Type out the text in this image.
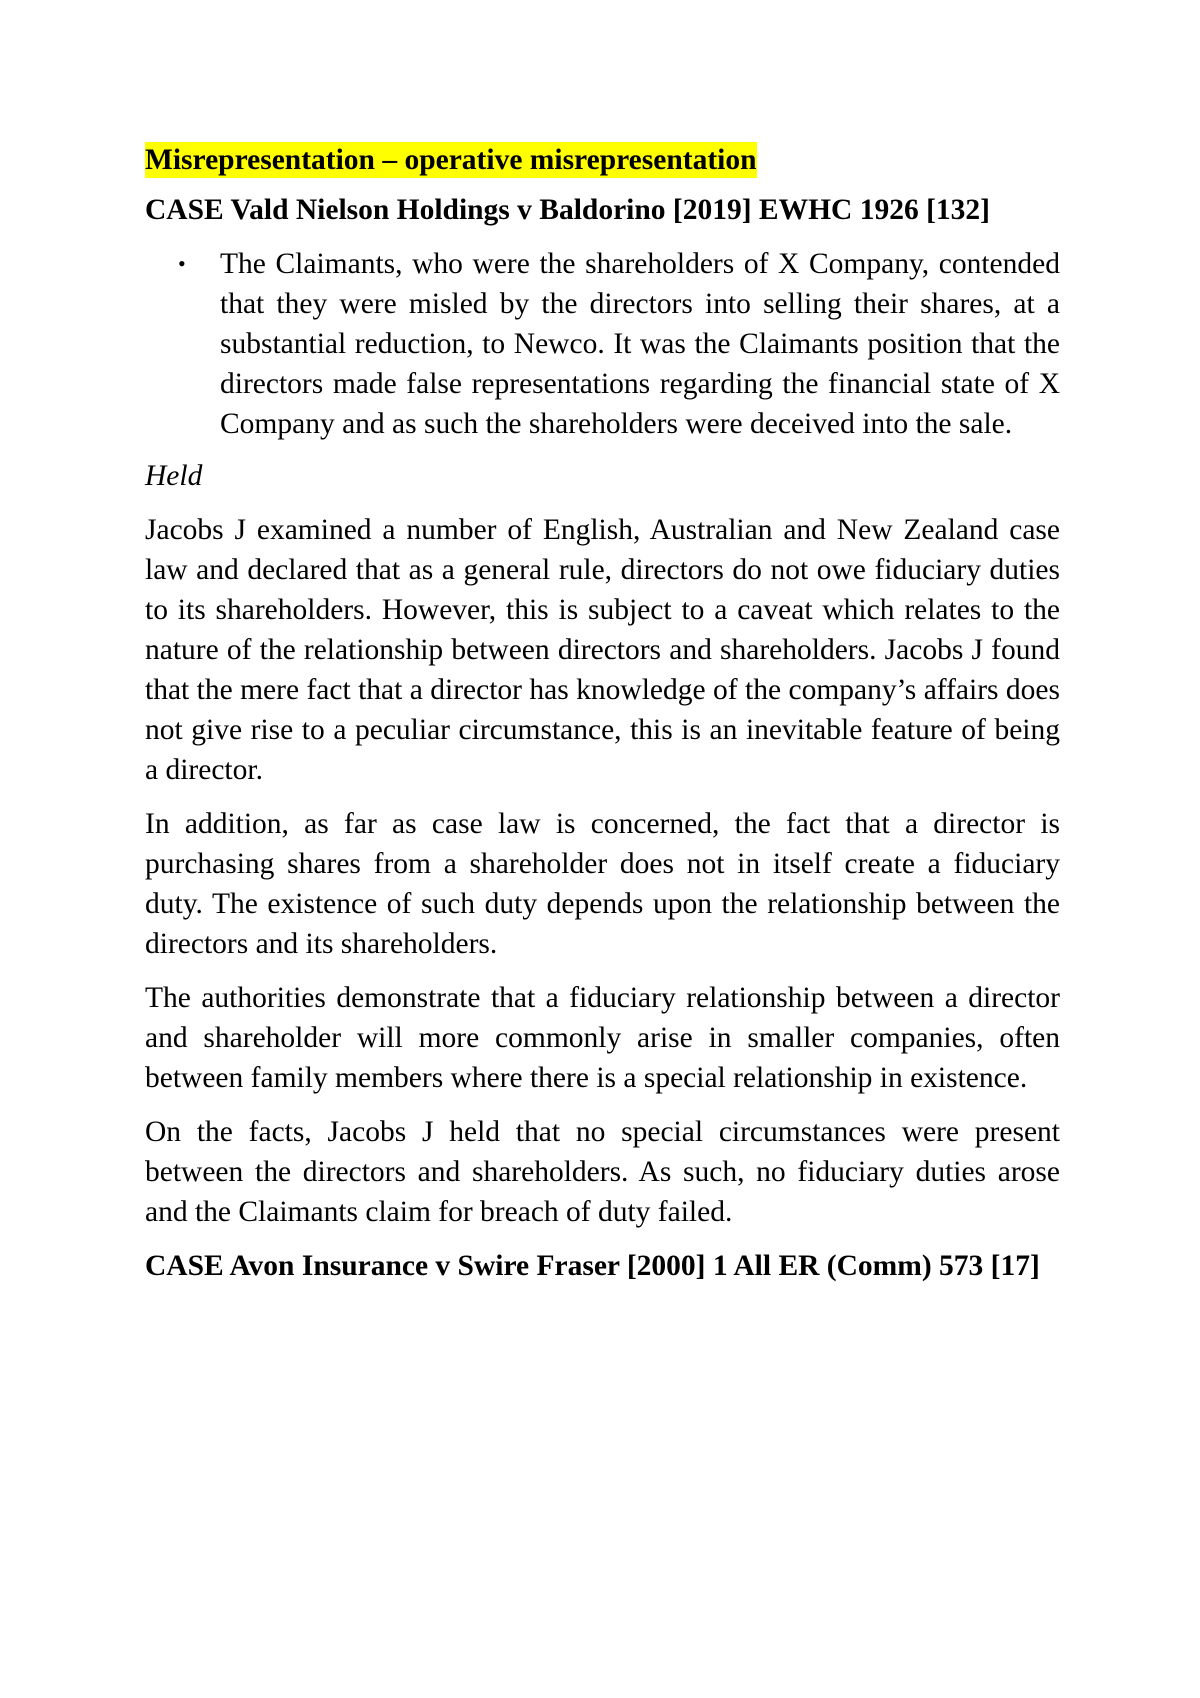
Misrepresentation – operative misrepresentation

CASE Vald Nielson Holdings v Baldorino [2019] EWHC 1926 [132]

• The Claimants, who were the shareholders of X Company, contended that they were misled by the directors into selling their shares, at a substantial reduction, to Newco. It was the Claimants position that the directors made false representations regarding the financial state of X Company and as such the shareholders were deceived into the sale.

Held

Jacobs J examined a number of English, Australian and New Zealand case law and declared that as a general rule, directors do not owe fiduciary duties to its shareholders. However, this is subject to a caveat which relates to the nature of the relationship between directors and shareholders. Jacobs J found that the mere fact that a director has knowledge of the company’s affairs does not give rise to a peculiar circumstance, this is an inevitable feature of being a director.

In addition, as far as case law is concerned, the fact that a director is purchasing shares from a shareholder does not in itself create a fiduciary duty. The existence of such duty depends upon the relationship between the directors and its shareholders.

The authorities demonstrate that a fiduciary relationship between a director and shareholder will more commonly arise in smaller companies, often between family members where there is a special relationship in existence.

On the facts, Jacobs J held that no special circumstances were present between the directors and shareholders. As such, no fiduciary duties arose and the Claimants claim for breach of duty failed.

CASE Avon Insurance v Swire Fraser [2000] 1 All ER (Comm) 573 [17]
